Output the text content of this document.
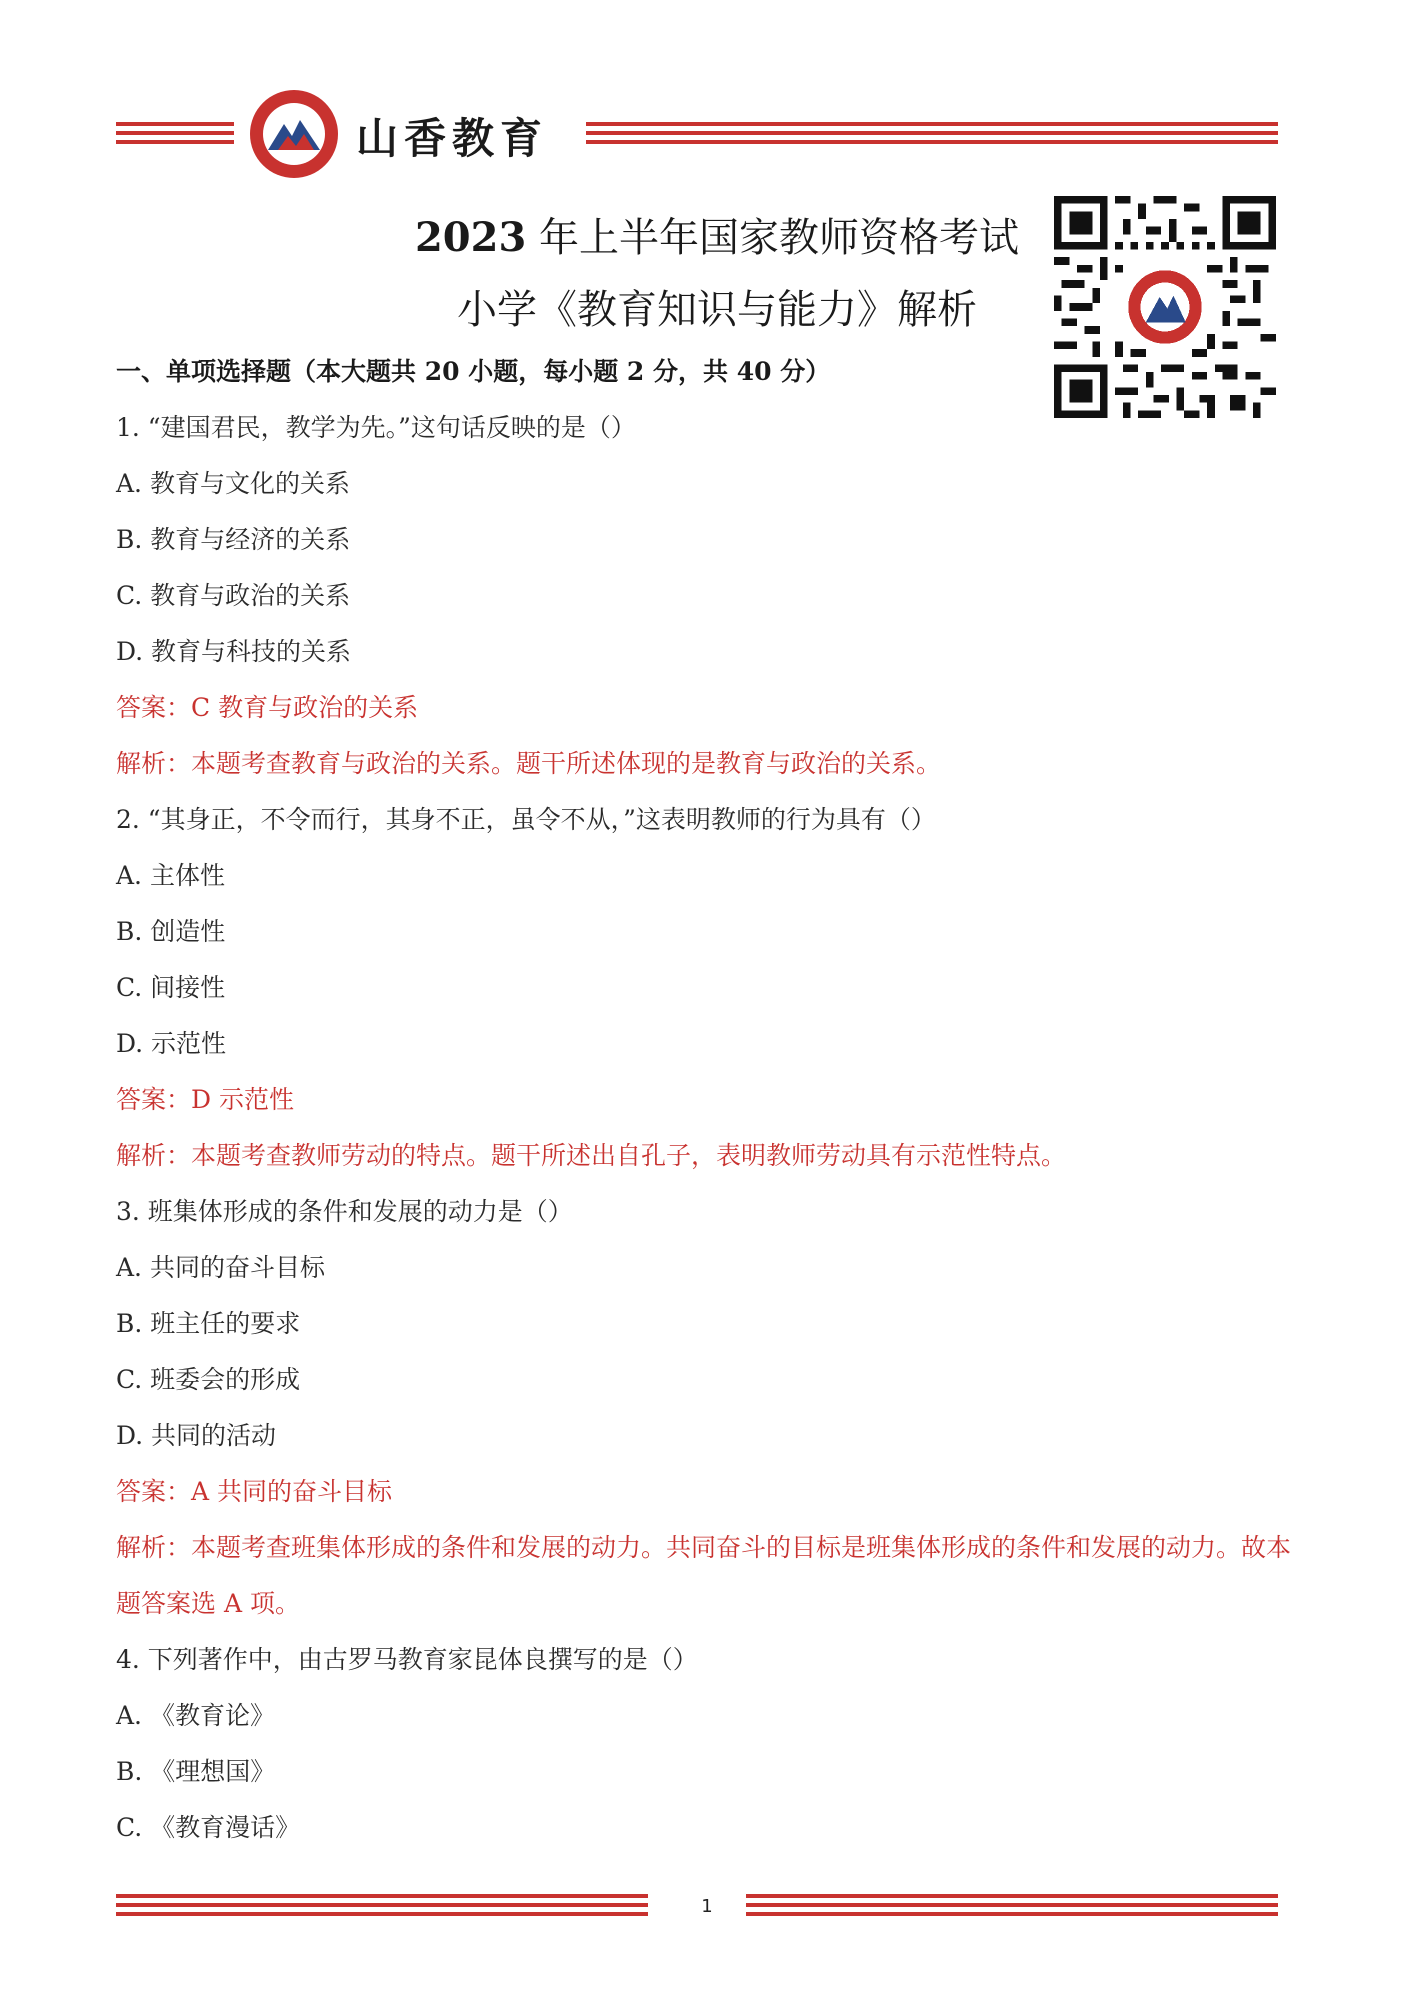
山香教育
2023 年上半年国家教师资格考试
小学《教育知识与能力》解析
一、单项选择题（本大题共 20 小题，每小题 2 分，共 40 分）
1. “建国君民，教学为先。”这句话反映的是（）
A. 教育与文化的关系
B. 教育与经济的关系
C. 教育与政治的关系
D. 教育与科技的关系
答案：C 教育与政治的关系
解析：本题考查教育与政治的关系。题干所述体现的是教育与政治的关系。
2. “其身正，不令而行，其身不正，虽令不从，”这表明教师的行为具有（）
A. 主体性
B. 创造性
C. 间接性
D. 示范性
答案：D 示范性
解析：本题考查教师劳动的特点。题干所述出自孔子，表明教师劳动具有示范性特点。
3. 班集体形成的条件和发展的动力是（）
A. 共同的奋斗目标
B. 班主任的要求
C. 班委会的形成
D. 共同的活动
答案：A 共同的奋斗目标
解析：本题考查班集体形成的条件和发展的动力。共同奋斗的目标是班集体形成的条件和发展的动力。故本题答案选 A 项。
4. 下列著作中，由古罗马教育家昆体良撰写的是（）
A. 《教育论》
B. 《理想国》
C. 《教育漫话》
1
